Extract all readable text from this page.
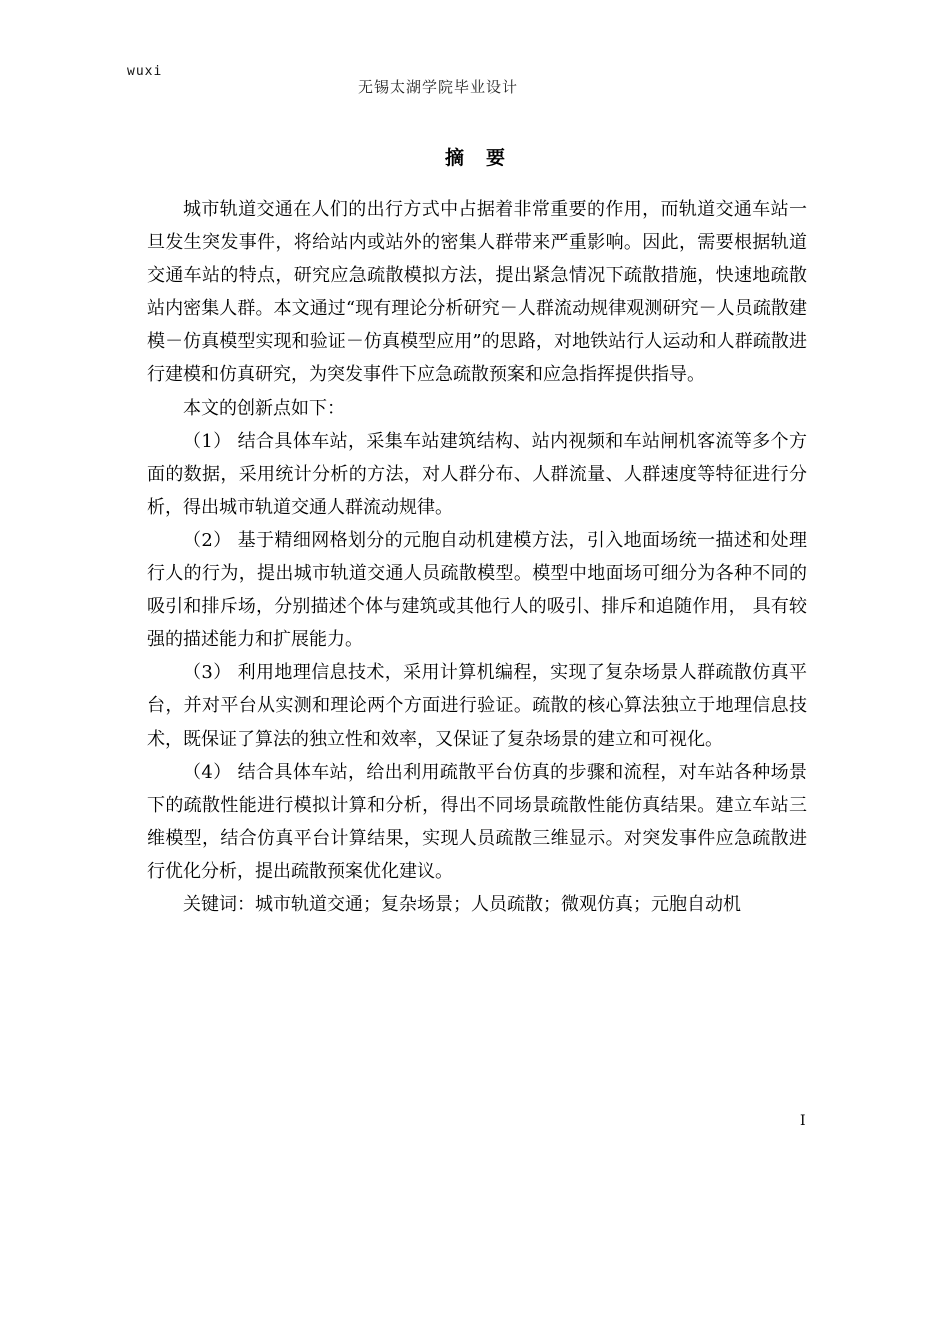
wuxi
无锡太湖学院毕业设计
摘要

城市轨道交通在人们的出行方式中占据着非常重要的作用，而轨道交通车站一旦发生突发事件，将给站内或站外的密集人群带来严重影响。因此，需要根据轨道交通车站的特点，研究应急疏散模拟方法，提出紧急情况下疏散措施，快速地疏散站内密集人群。本文通过“现有理论分析研究－人群流动规律观测研究－人员疏散建模－仿真模型实现和验证－仿真模型应用”的思路，对地铁站行人运动和人群疏散进行建模和仿真研究，为突发事件下应急疏散预案和应急指挥提供指导。

本文的创新点如下：

（1） 结合具体车站，采集车站建筑结构、站内视频和车站闸机客流等多个方面的数据，采用统计分析的方法，对人群分布、人群流量、人群速度等特征进行分析，得出城市轨道交通人群流动规律。

（2） 基于精细网格划分的元胞自动机建模方法，引入地面场统一描述和处理行人的行为，提出城市轨道交通人员疏散模型。模型中地面场可细分为各种不同的吸引和排斥场，分别描述个体与建筑或其他行人的吸引、排斥和追随作用， 具有较强的描述能力和扩展能力。

（3） 利用地理信息技术，采用计算机编程，实现了复杂场景人群疏散仿真平台，并对平台从实测和理论两个方面进行验证。疏散的核心算法独立于地理信息技术，既保证了算法的独立性和效率，又保证了复杂场景的建立和可视化。

（4） 结合具体车站，给出利用疏散平台仿真的步骤和流程，对车站各种场景下的疏散性能进行模拟计算和分析，得出不同场景疏散性能仿真结果。建立车站三维模型，结合仿真平台计算结果，实现人员疏散三维显示。对突发事件应急疏散进行优化分析，提出疏散预案优化建议。

关键词：城市轨道交通；复杂场景；人员疏散；微观仿真；元胞自动机

I
